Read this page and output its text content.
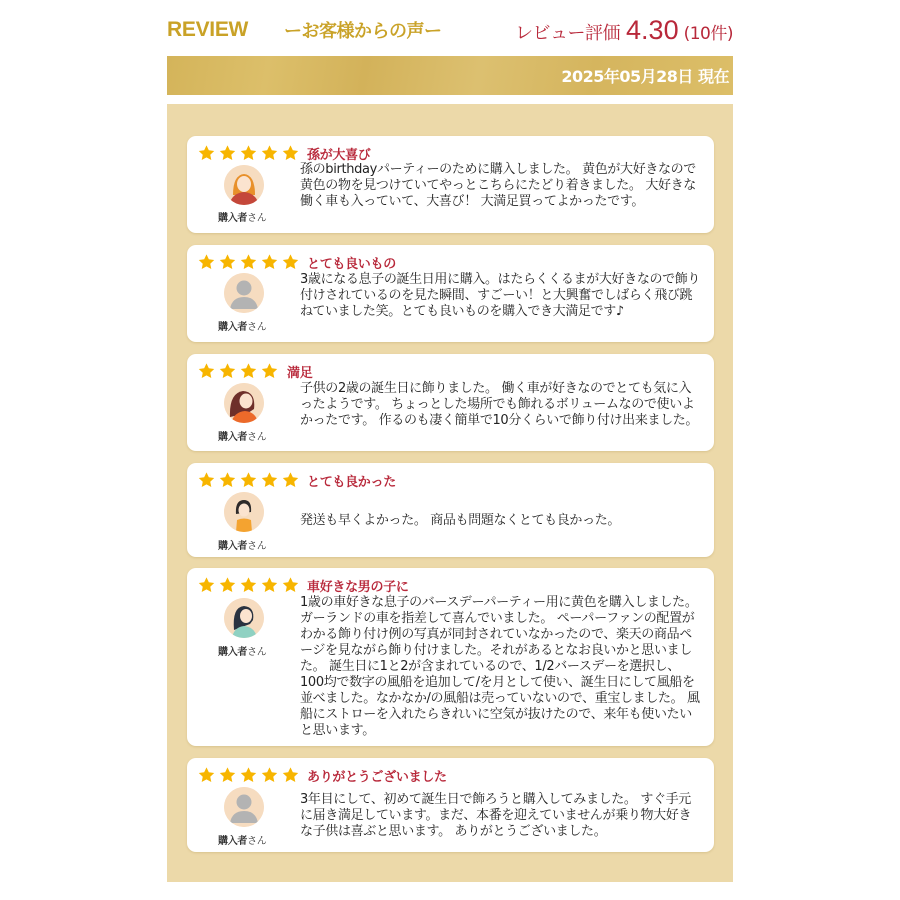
REVIEW ーお客様からの声ー	レビュー評価 4.30 (10件)
2025年05月28日 現在
孫が大喜び
購入者さん
孫のbirthdayパーティーのために購入しました。 黄色が大好きなので黄色の物を見つけていてやっとこちらにたどり着きました。 大好きな働く車も入っていて、大喜び！ 大満足買ってよかったです。
とても良いもの
購入者さん
3歳になる息子の誕生日用に購入。はたらくくるまが大好きなので飾り付けされているのを見た瞬間、すごーい！と大興奮でしばらく飛び跳ねていました笑。とても良いものを購入でき大満足です♪
満足
購入者さん
子供の2歳の誕生日に飾りました。 働く車が好きなのでとても気に入ったようです。 ちょっとした場所でも飾れるボリュームなので使いよかったです。 作るのも凄く簡単で10分くらいで飾り付け出来ました。
とても良かった
購入者さん
発送も早くよかった。 商品も問題なくとても良かった。
車好きな男の子に
購入者さん
1歳の車好きな息子のバースデーパーティー用に黄色を購入しました。ガーランドの車を指差して喜んでいました。 ペーパーファンの配置がわかる飾り付け例の写真が同封されていなかったので、楽天の商品ページを見ながら飾り付けました。それがあるとなお良いかと思いました。 誕生日に1と2が含まれているので、1/2バースデーを選択し、100均で数字の風船を追加して/を月として使い、誕生日にして風船を並べました。なかなか/の風船は売っていないので、重宝しました。 風船にストローを入れたらきれいに空気が抜けたので、来年も使いたいと思います。
ありがとうございました
購入者さん
3年目にして、初めて誕生日で飾ろうと購入してみました。 すぐ手元に届き満足しています。まだ、本番を迎えていませんが乗り物大好きな子供は喜ぶと思います。 ありがとうございました。
